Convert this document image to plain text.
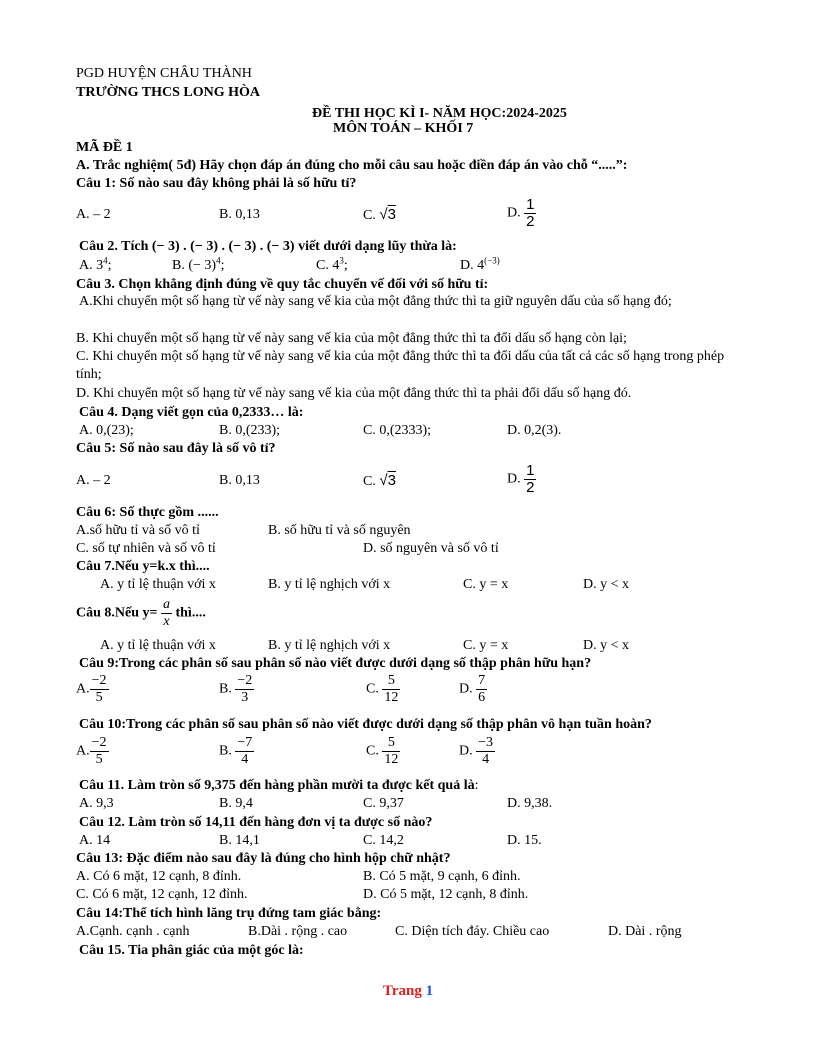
PGD HUYỆN CHÂU THÀNH
TRƯỜNG THCS LONG HÒA
ĐỀ THI HỌC KÌ I- NĂM HỌC:2024-2025
MÔN TOÁN – KHỐI 7
MÃ ĐỀ 1
A. Trắc nghiệm( 5đ) Hãy chọn đáp án đúng cho mỗi câu sau hoặc điền đáp án vào chỗ “.....”:
Câu 1: Số nào sau đây không phải là số hữu tỉ?
A. – 2	B. 0,13	C. √3	D. $\frac{1}{2}$
Câu 2. Tích (− 3) . (− 3) . (− 3) . (− 3) viết dưới dạng lũy thừa là:
A. $3^4$;	B. (− 3)$^4$;	C. $4^3$;	D. $4^{(-3)}$
Câu 3. Chọn khẳng định đúng về quy tắc chuyển vế đối với số hữu tỉ:
A.Khi chuyển một số hạng từ vế này sang vế kia của một đẳng thức thì ta giữ nguyên dấu của số hạng đó;
B. Khi chuyển một số hạng từ vế này sang vế kia của một đẳng thức thì ta đổi dấu số hạng còn lại;
C. Khi chuyển một số hạng từ vế này sang vế kia của một đẳng thức thì ta đổi dấu của tất cả các số hạng trong phép tính;
D. Khi chuyển một số hạng từ vế này sang vế kia của một đẳng thức thì ta phải đổi dấu số hạng đó.
Câu 4. Dạng viết gọn của 0,2333… là:
A. 0,(23);	B. 0,(233);	C. 0,(2333);	D. 0,2(3).
Câu 5: Số nào sau đây là số vô tỉ?
A. – 2	B. 0,13	C. √3	D. $\frac{1}{2}$
Câu 6: Số thực gồm ......
A.số hữu tỉ và số vô tỉ	B. số hữu tỉ và số nguyên
C. số tự nhiên và số vô tỉ	D. số nguyên và số vô tỉ
Câu 7.Nếu y=k.x thì....
A. y tỉ lệ thuận với x	B. y tỉ lệ nghịch với x	C. y = x	D. y < x
Câu 8.Nếu $y= \frac{a}{x}$ thì....
A. y tỉ lệ thuận với x	B. y tỉ lệ nghịch với x	C. y = x	D. y < x
Câu 9:Trong các phân số sau phân số nào viết được dưới dạng số thập phân hữu hạn?
A. $\frac{-2}{5}$	B. $\frac{-2}{3}$	C. $\frac{5}{12}$	D. $\frac{7}{6}$
Câu 10:Trong các phân số sau phân số nào viết được dưới dạng số thập phân vô hạn tuần hoàn?
A. $\frac{-2}{5}$	B. $\frac{-7}{4}$	C. $\frac{5}{12}$	D. $\frac{-3}{4}$
Câu 11. Làm tròn số 9,375 đến hàng phần mười ta được kết quả là:
A. 9,3	B. 9,4	C. 9,37	D. 9,38.
Câu 12. Làm tròn số 14,11 đến hàng đơn vị ta được số nào?
A. 14	B. 14,1	C. 14,2	D. 15.
Câu 13: Đặc điểm nào sau đây là đúng cho hình hộp chữ nhật?
A. Có 6 mặt, 12 cạnh, 8 đỉnh.	B. Có 5 mặt, 9 cạnh, 6 đỉnh.
C. Có 6 mặt, 12 cạnh, 12 đỉnh.	D. Có 5 mặt, 12 cạnh, 8 đỉnh.
Câu 14:Thể tích hình lăng trụ đứng tam giác bằng:
A.Cạnh. cạnh . cạnh	B.Dài . rộng . cao	C. Diện tích đáy. Chiều cao	D. Dài . rộng
Câu 15. Tia phân giác của một góc là:
Trang 1
